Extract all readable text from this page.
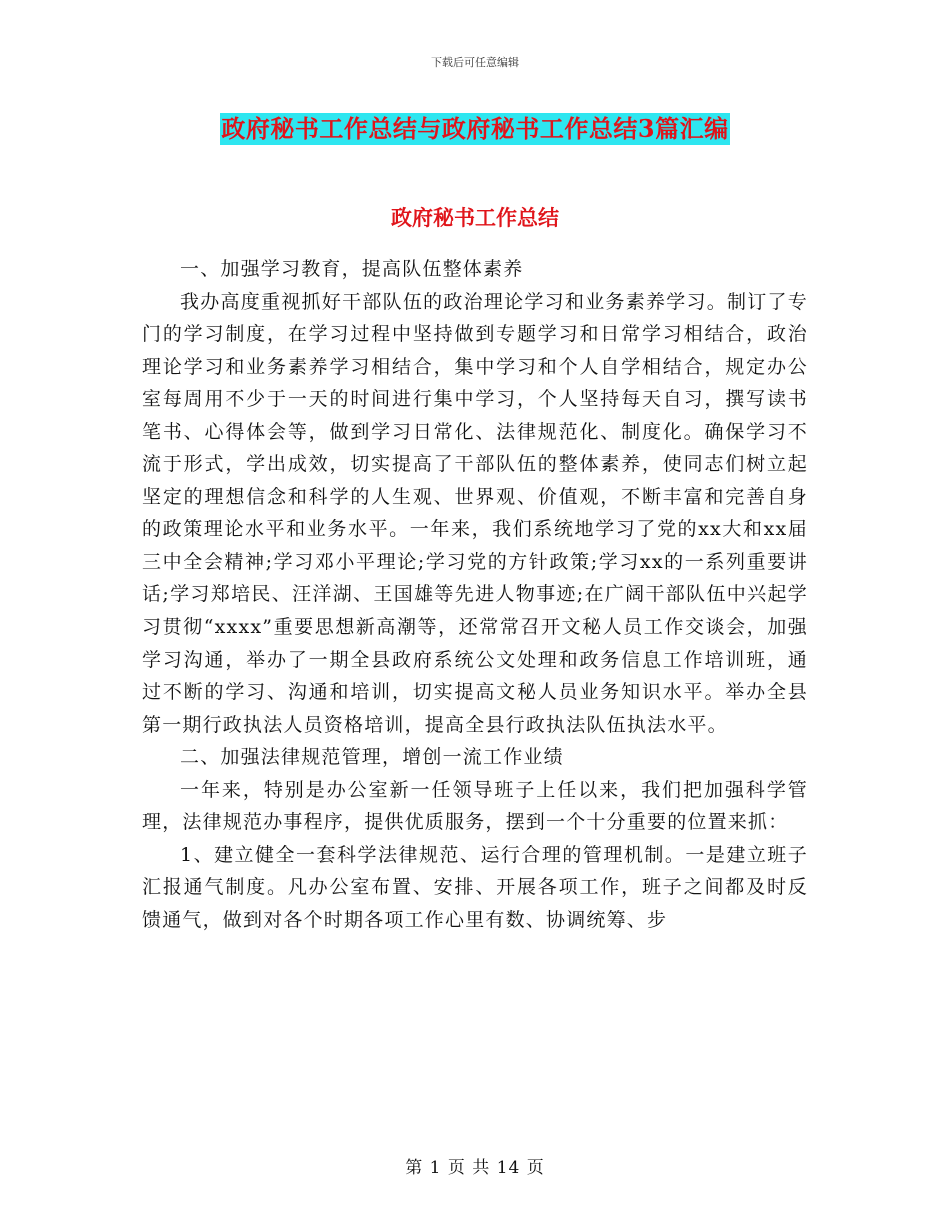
下载后可任意编辑
政府秘书工作总结与政府秘书工作总结3篇汇编
政府秘书工作总结

一、加强学习教育，提高队伍整体素养

我办高度重视抓好干部队伍的政治理论学习和业务素养学习。制订了专门的学习制度，在学习过程中坚持做到专题学习和日常学习相结合，政治理论学习和业务素养学习相结合，集中学习和个人自学相结合，规定办公室每周用不少于一天的时间进行集中学习，个人坚持每天自习，撰写读书笔书、心得体会等，做到学习日常化、法律规范化、制度化。确保学习不流于形式，学出成效，切实提高了干部队伍的整体素养，使同志们树立起坚定的理想信念和科学的人生观、世界观、价值观，不断丰富和完善自身的政策理论水平和业务水平。一年来，我们系统地学习了党的xx大和xx届三中全会精神;学习邓小平理论;学习党的方针政策;学习xx的一系列重要讲话;学习郑培民、汪洋湖、王国雄等先进人物事迹;在广阔干部队伍中兴起学习贯彻“xxxx”重要思想新高潮等，还常常召开文秘人员工作交谈会，加强学习沟通，举办了一期全县政府系统公文处理和政务信息工作培训班，通过不断的学习、沟通和培训，切实提高文秘人员业务知识水平。举办全县第一期行政执法人员资格培训，提高全县行政执法队伍执法水平。

二、加强法律规范管理，增创一流工作业绩

一年来，特别是办公室新一任领导班子上任以来，我们把加强科学管理，法律规范办事程序，提供优质服务，摆到一个十分重要的位置来抓：

1、建立健全一套科学法律规范、运行合理的管理机制。一是建立班子汇报通气制度。凡办公室布置、安排、开展各项工作，班子之间都及时反馈通气，做到对各个时期各项工作心里有数、协调统筹、步

第 1 页 共 14 页
